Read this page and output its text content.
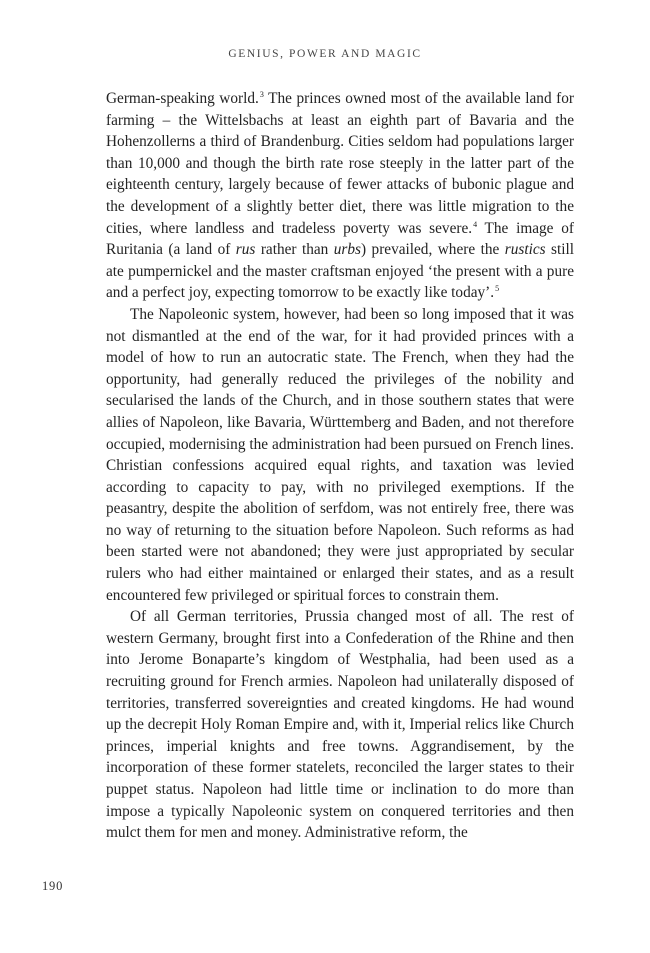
GENIUS, POWER AND MAGIC

German-speaking world.$^3$ The princes owned most of the available land for farming – the Wittelsbachs at least an eighth part of Bavaria and the Hohenzollerns a third of Brandenburg. Cities seldom had populations larger than 10,000 and though the birth rate rose steeply in the latter part of the eighteenth century, largely because of fewer attacks of bubonic plague and the development of a slightly better diet, there was little migration to the cities, where landless and tradeless poverty was severe.$^4$ The image of Ruritania (a land of rus rather than urbs) prevailed, where the rustics still ate pumpernickel and the master craftsman enjoyed ‘the present with a pure and a perfect joy, expecting tomorrow to be exactly like today’.$^5$

The Napoleonic system, however, had been so long imposed that it was not dismantled at the end of the war, for it had provided princes with a model of how to run an autocratic state. The French, when they had the opportunity, had generally reduced the privileges of the nobility and secularised the lands of the Church, and in those southern states that were allies of Napoleon, like Bavaria, Württemberg and Baden, and not therefore occupied, modernising the administration had been pursued on French lines. Christian confessions acquired equal rights, and taxation was levied according to capacity to pay, with no privileged exemptions. If the peasantry, despite the abolition of serfdom, was not entirely free, there was no way of returning to the situation before Napoleon. Such reforms as had been started were not abandoned; they were just appropriated by secular rulers who had either maintained or enlarged their states, and as a result encountered few privileged or spiritual forces to constrain them.

Of all German territories, Prussia changed most of all. The rest of western Germany, brought first into a Confederation of the Rhine and then into Jerome Bonaparte’s kingdom of Westphalia, had been used as a recruiting ground for French armies. Napoleon had unilaterally disposed of territories, transferred sovereignties and created kingdoms. He had wound up the decrepit Holy Roman Empire and, with it, Imperial relics like Church princes, imperial knights and free towns. Aggrandisement, by the incorporation of these former statelets, reconciled the larger states to their puppet status. Napoleon had little time or inclination to do more than impose a typically Napoleonic system on conquered territories and then mulct them for men and money. Administrative reform, the

190
